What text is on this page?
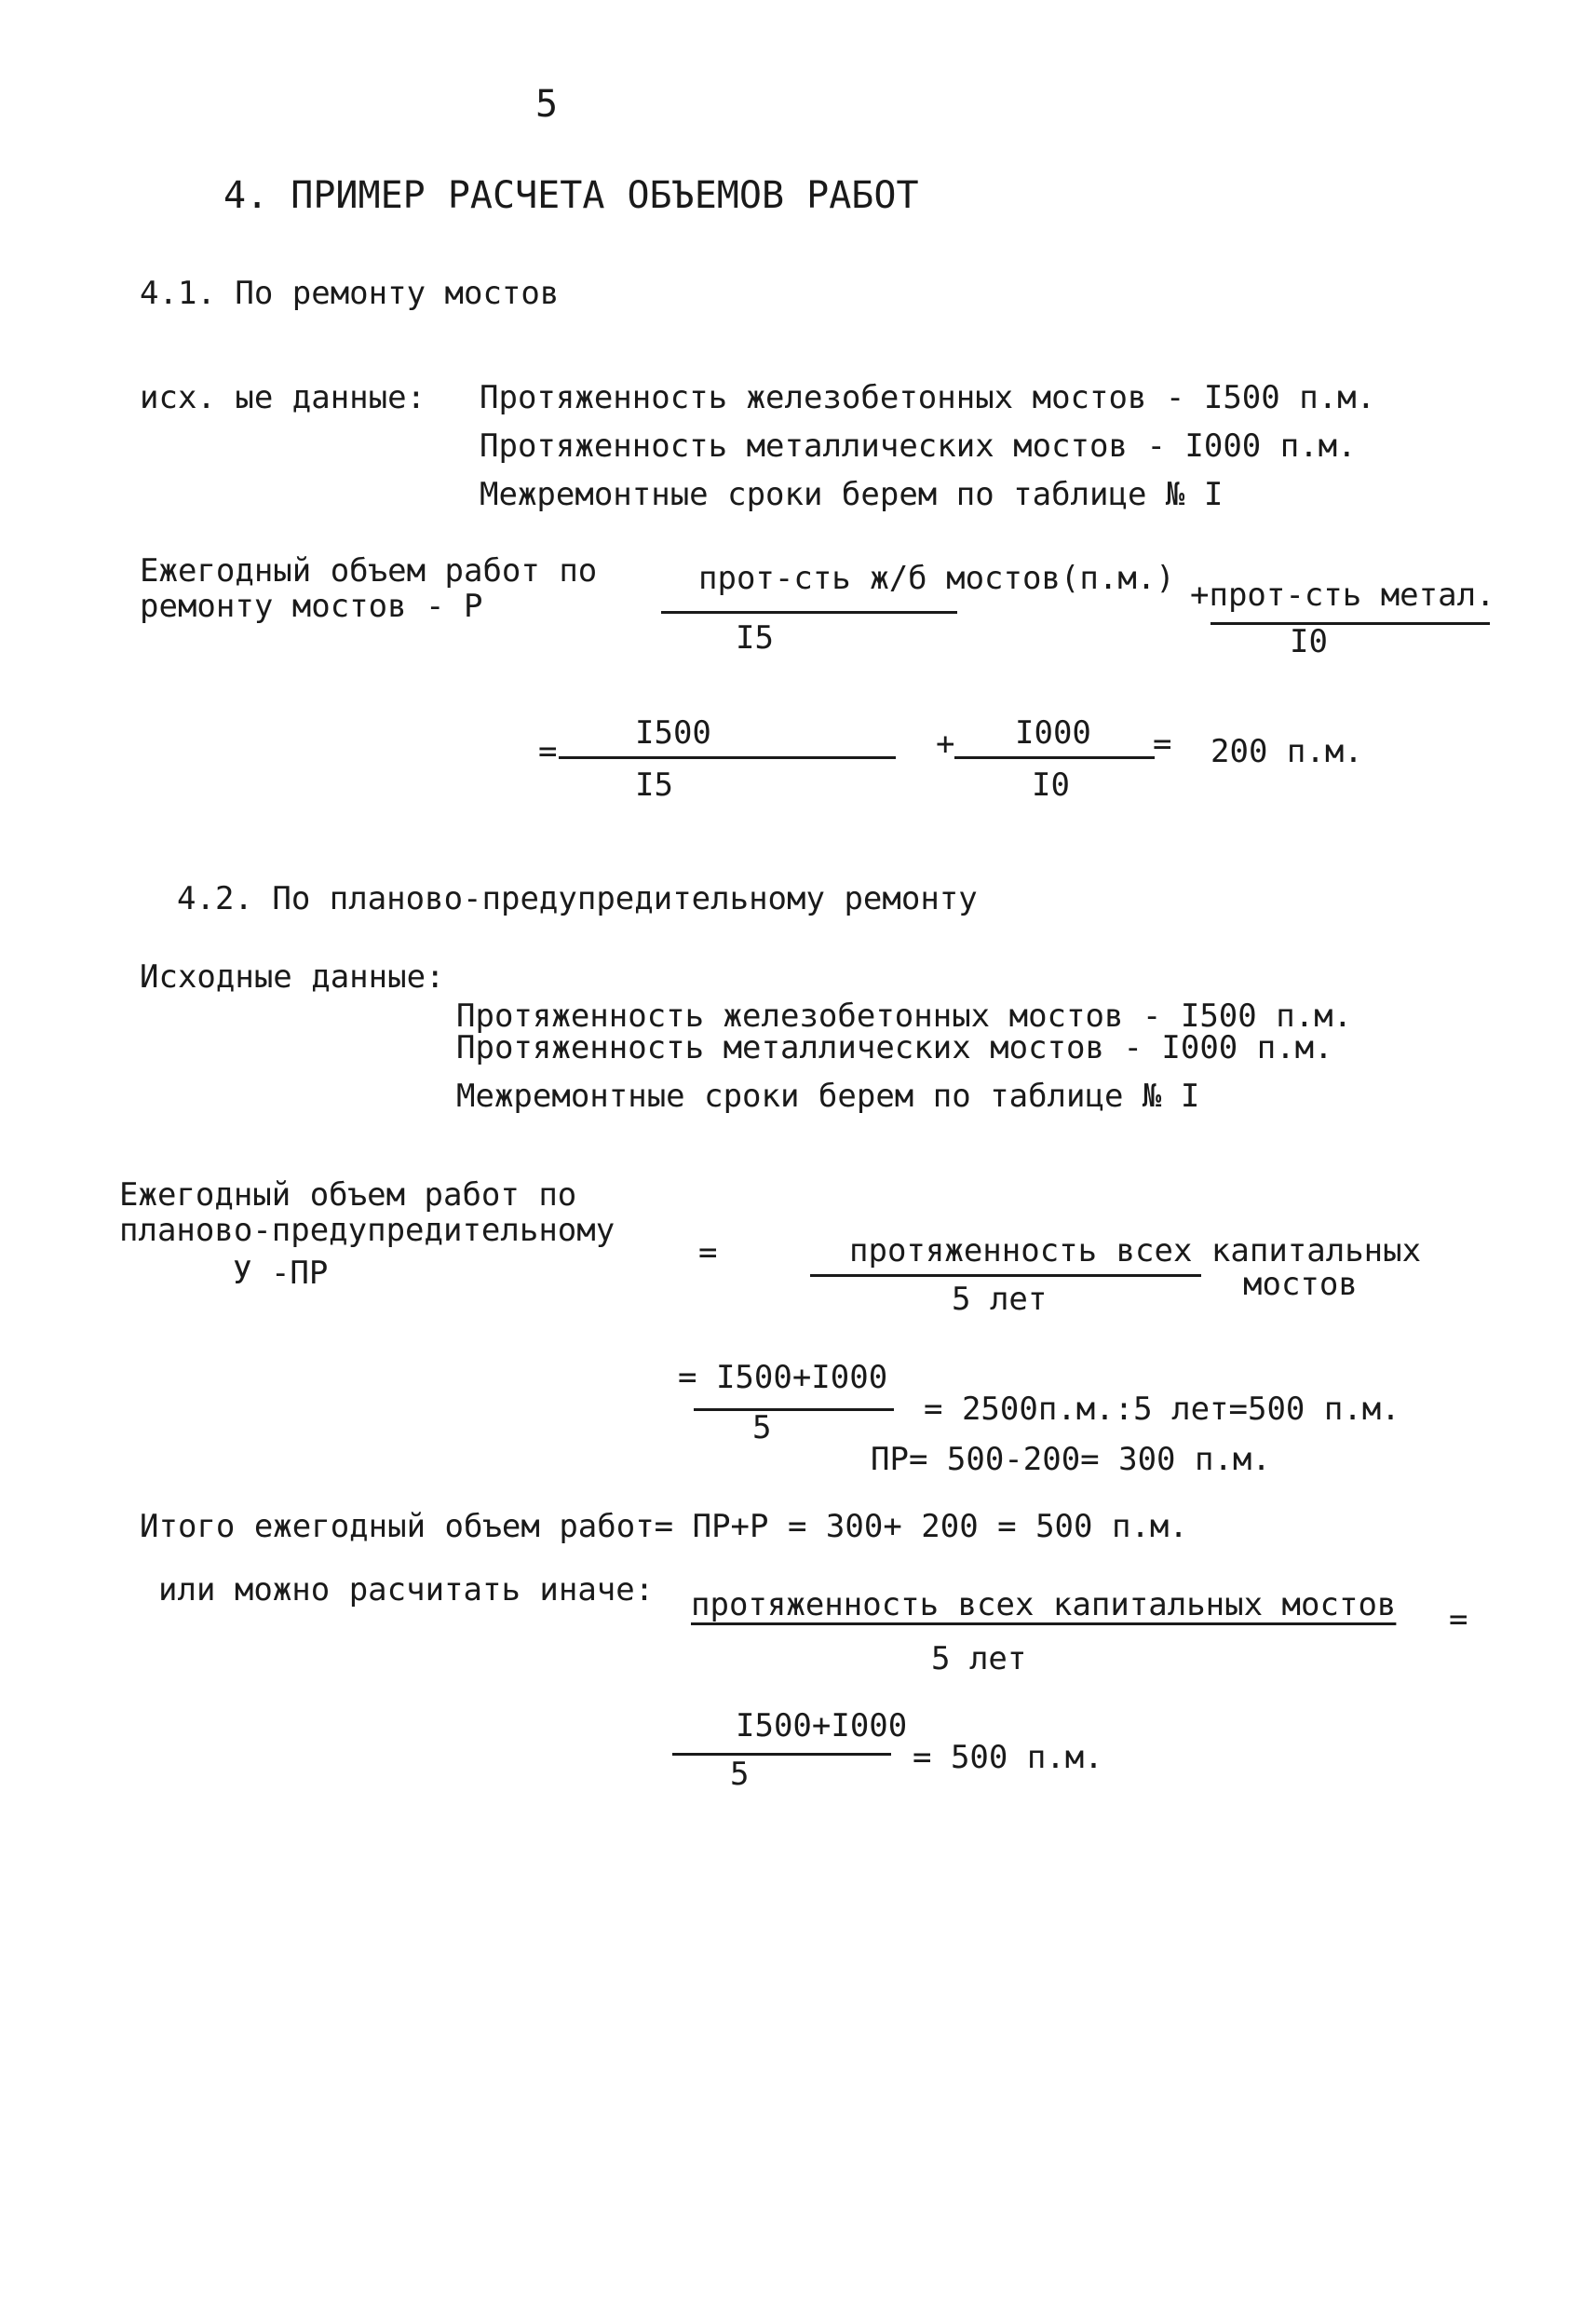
5
4. ПРИМЕР РАСЧЕТА ОБЪЕМОВ РАБОТ
4.1. По ремонту мостов
исх. ые данные: Протяженность железобетонных мостов - I500 п.м.
Протяженность металлических мостов - I000 п.м.
Межремонтные сроки берем по таблице № I
Ежегодный объем работ по
ремонту мостов - Р
прот-сть ж/б мостов(п.м.)
I5
+прот-сть метал.
I0
= I500
I5
+ I000
I0
= 200 п.м.
4.2. По планово-предупредительному ремонту
Исходные данные:
Протяженность железобетонных мостов - I500 п.м.
Протяженность металлических мостов - I000 п.м.
Межремонтные сроки берем по таблице № I
Ежегодный объем работ по
планово-предупредительному
У -ПР
=	протяженность всех капитальных
мостов
5 лет
= I500+I000
5	= 2500п.м.:5 лет=500 п.м.
ПР= 500-200= 300 п.м.
Итого ежегодный объем работ= ПР+Р = 300+ 200 = 500 п.м.
или можно расчитать иначе: протяженность всех капитальных мостов =
5 лет
I500+I000
5	= 500 п.м.
